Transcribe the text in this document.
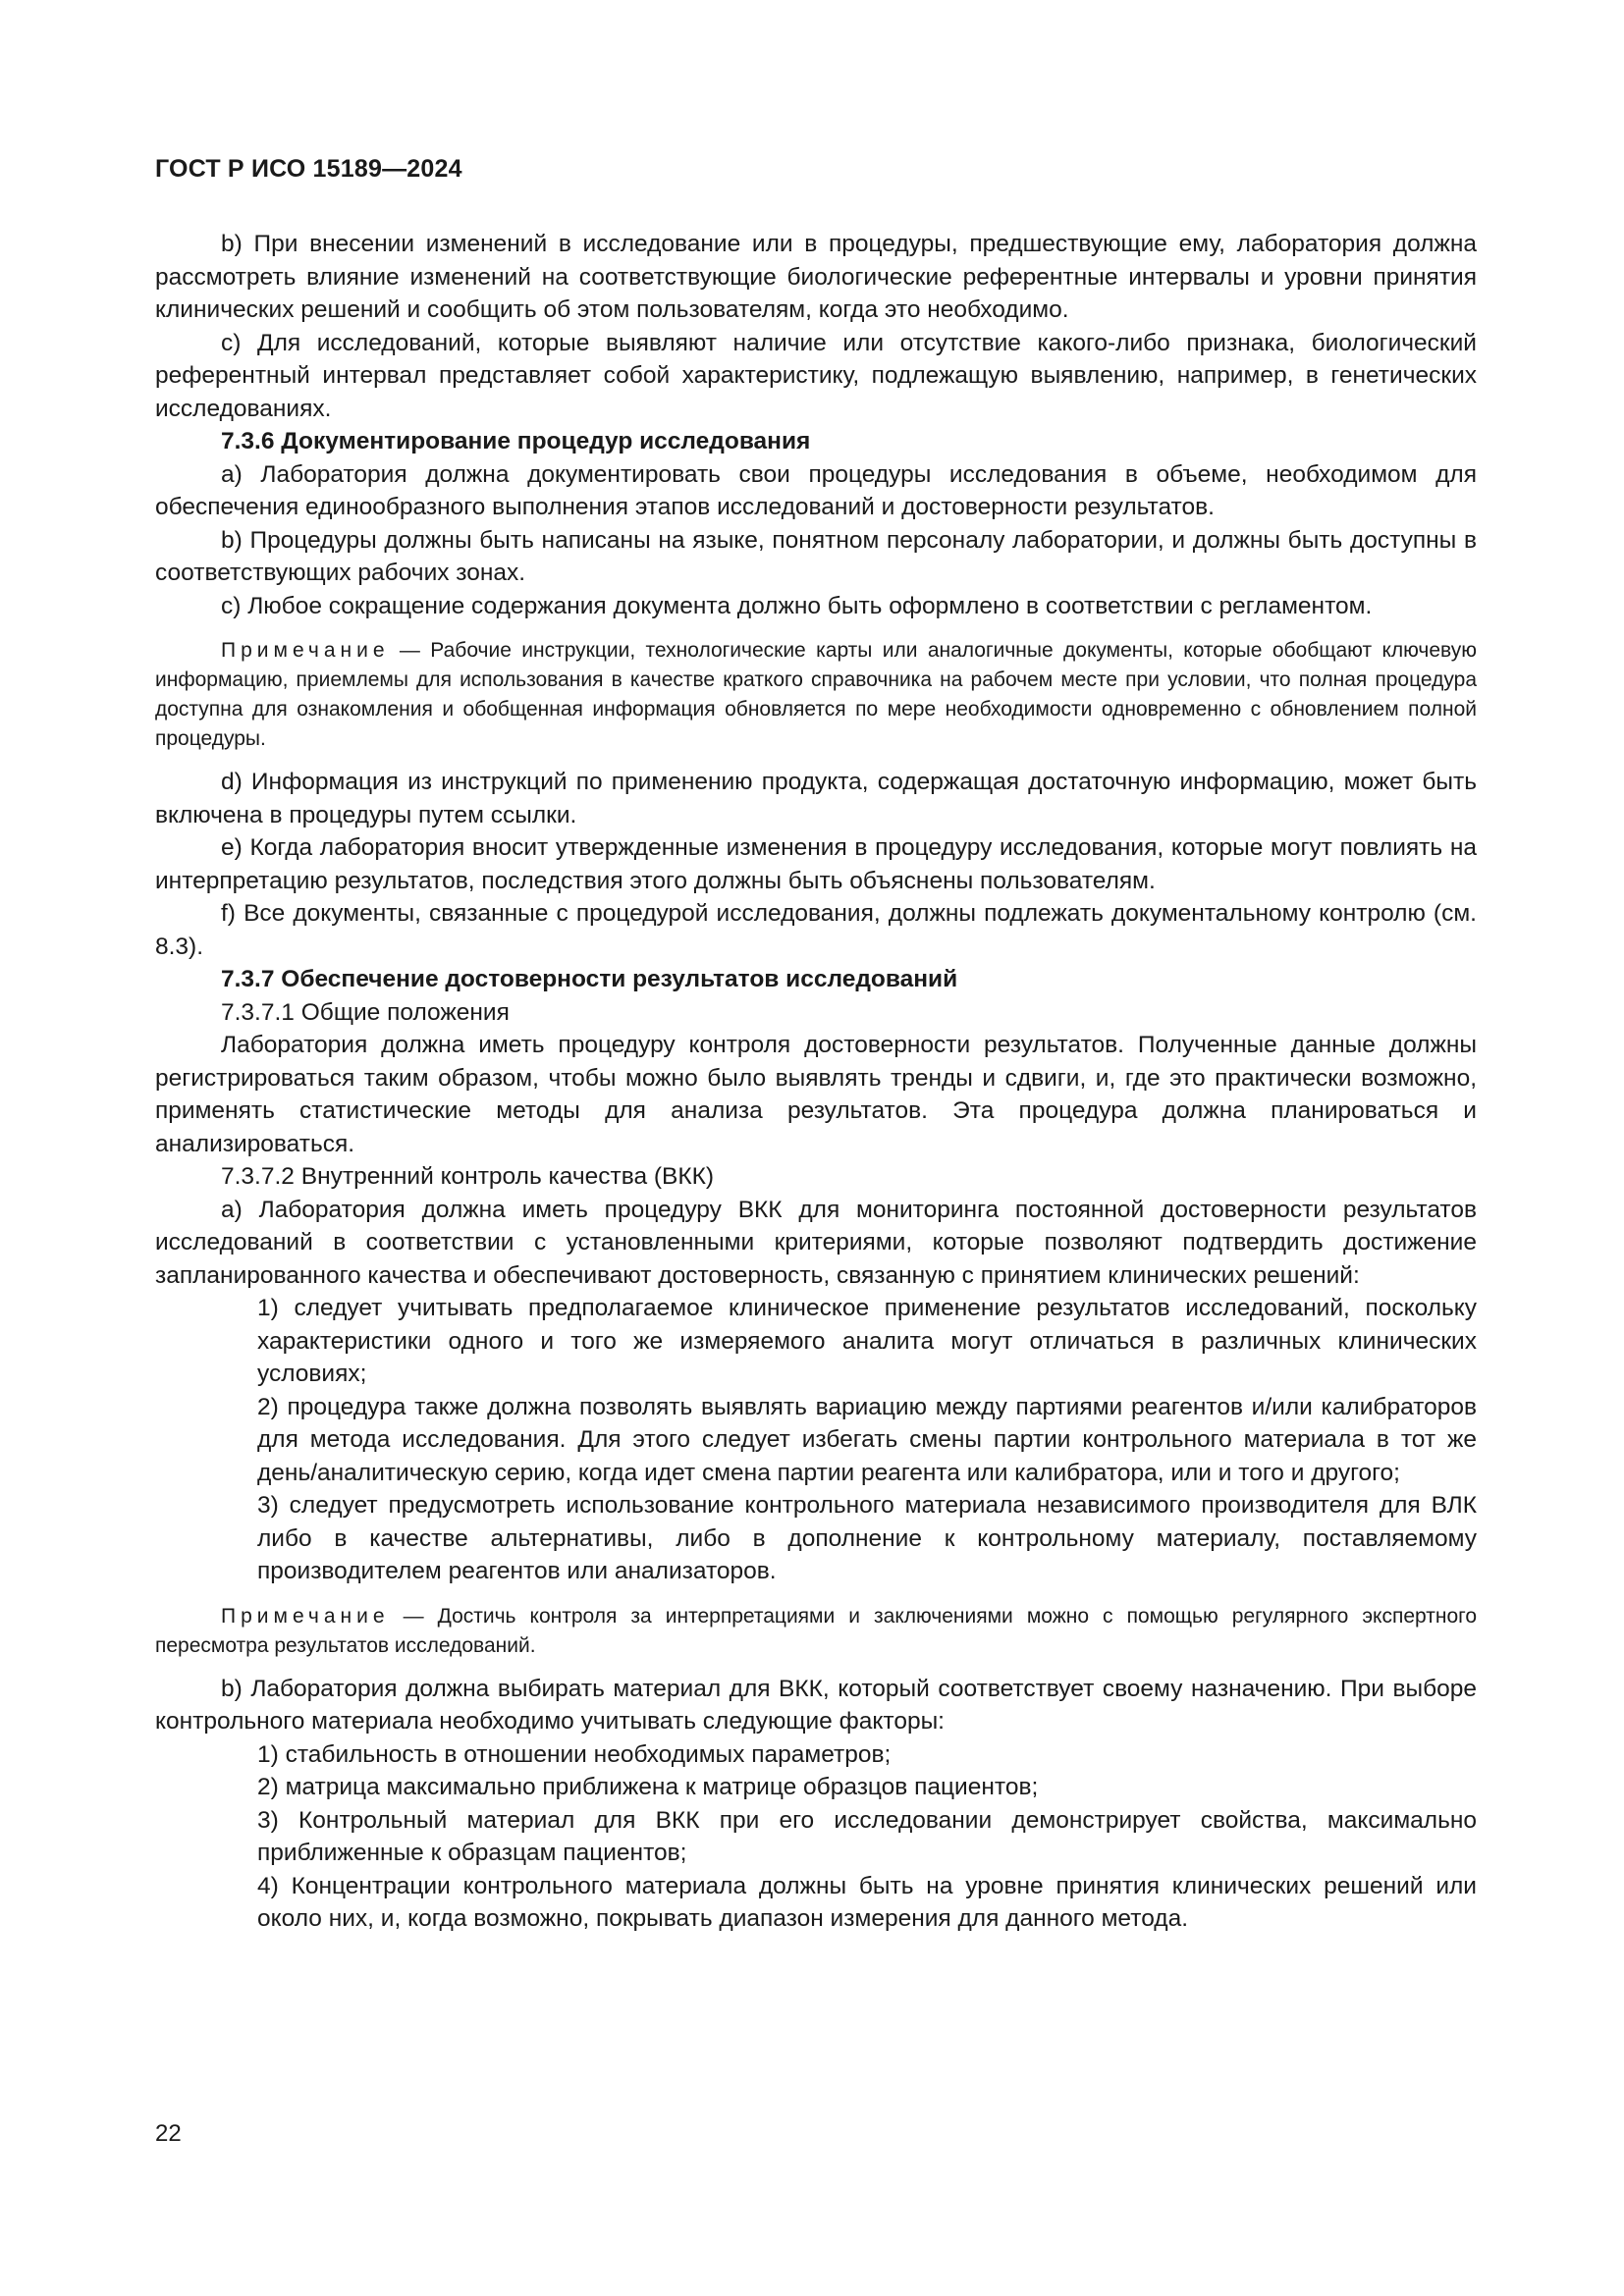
ГОСТ Р ИСО 15189—2024

b) При внесении изменений в исследование или в процедуры, предшествующие ему, лаборатория должна рассмотреть влияние изменений на соответствующие биологические референтные интервалы и уровни принятия клинических решений и сообщить об этом пользователям, когда это необходимо.

c) Для исследований, которые выявляют наличие или отсутствие какого-либо признака, биологический референтный интервал представляет собой характеристику, подлежащую выявлению, например, в генетических исследованиях.

7.3.6 Документирование процедур исследования

a) Лаборатория должна документировать свои процедуры исследования в объеме, необходимом для обеспечения единообразного выполнения этапов исследований и достоверности результатов.

b) Процедуры должны быть написаны на языке, понятном персоналу лаборатории, и должны быть доступны в соответствующих рабочих зонах.

c) Любое сокращение содержания документа должно быть оформлено в соответствии с регламентом.

Примечание — Рабочие инструкции, технологические карты или аналогичные документы, которые обобщают ключевую информацию, приемлемы для использования в качестве краткого справочника на рабочем месте при условии, что полная процедура доступна для ознакомления и обобщенная информация обновляется по мере необходимости одновременно с обновлением полной процедуры.

d) Информация из инструкций по применению продукта, содержащая достаточную информацию, может быть включена в процедуры путем ссылки.

e) Когда лаборатория вносит утвержденные изменения в процедуру исследования, которые могут повлиять на интерпретацию результатов, последствия этого должны быть объяснены пользователям.

f) Все документы, связанные с процедурой исследования, должны подлежать документальному контролю (см. 8.3).

7.3.7 Обеспечение достоверности результатов исследований

7.3.7.1 Общие положения

Лаборатория должна иметь процедуру контроля достоверности результатов. Полученные данные должны регистрироваться таким образом, чтобы можно было выявлять тренды и сдвиги, и, где это практически возможно, применять статистические методы для анализа результатов. Эта процедура должна планироваться и анализироваться.

7.3.7.2 Внутренний контроль качества (ВКК)

a) Лаборатория должна иметь процедуру ВКК для мониторинга постоянной достоверности результатов исследований в соответствии с установленными критериями, которые позволяют подтвердить достижение запланированного качества и обеспечивают достоверность, связанную с принятием клинических решений:

1) следует учитывать предполагаемое клиническое применение результатов исследований, поскольку характеристики одного и того же измеряемого аналита могут отличаться в различных клинических условиях;

2) процедура также должна позволять выявлять вариацию между партиями реагентов и/или калибраторов для метода исследования. Для этого следует избегать смены партии контрольного материала в тот же день/аналитическую серию, когда идет смена партии реагента или калибратора, или и того и другого;

3) следует предусмотреть использование контрольного материала независимого производителя для ВЛК либо в качестве альтернативы, либо в дополнение к контрольному материалу, поставляемому производителем реагентов или анализаторов.

Примечание — Достичь контроля за интерпретациями и заключениями можно с помощью регулярного экспертного пересмотра результатов исследований.

b) Лаборатория должна выбирать материал для ВКК, который соответствует своему назначению. При выборе контрольного материала необходимо учитывать следующие факторы:

1) стабильность в отношении необходимых параметров;

2) матрица максимально приближена к матрице образцов пациентов;

3) Контрольный материал для ВКК при его исследовании демонстрирует свойства, максимально приближенные к образцам пациентов;

4) Концентрации контрольного материала должны быть на уровне принятия клинических решений или около них, и, когда возможно, покрывать диапазон измерения для данного метода.

22
